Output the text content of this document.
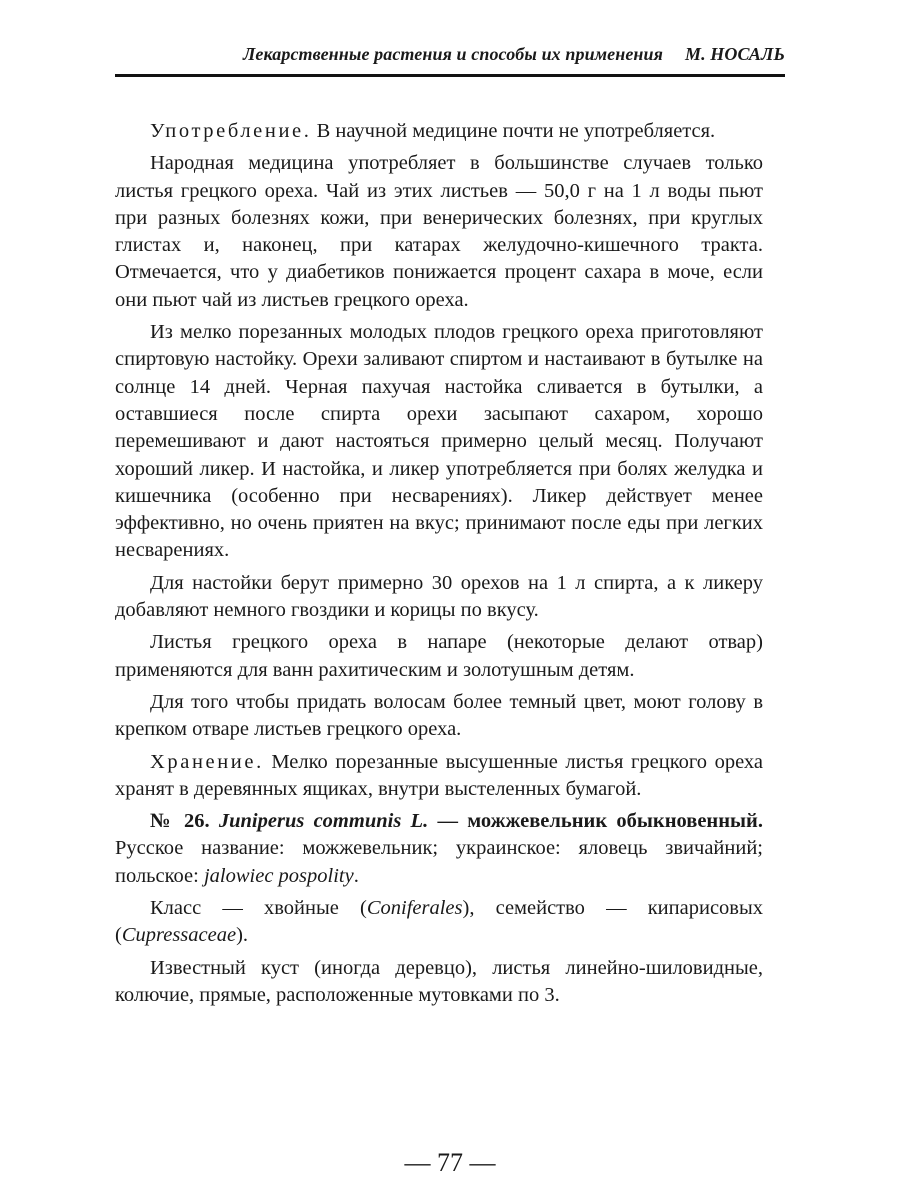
Лекарственные растения и способы их применения М. НОСАЛЬ

Употребление. В научной медицине почти не употребляется.

Народная медицина употребляет в большинстве случаев только листья грецкого ореха. Чай из этих листьев — 50,0 г на 1 л воды пьют при разных болезнях кожи, при венерических болезнях, при круглых глистах и, наконец, при катарах желудочно-кишечного тракта. Отмечается, что у диабетиков понижается процент сахара в моче, если они пьют чай из листьев грецкого ореха.

Из мелко порезанных молодых плодов грецкого ореха приготовляют спиртовую настойку. Орехи заливают спиртом и настаивают в бутылке на солнце 14 дней. Черная пахучая настойка сливается в бутылки, а оставшиеся после спирта орехи засыпают сахаром, хорошо перемешивают и дают настояться примерно целый месяц. Получают хороший ликер. И настойка, и ликер употребляется при болях желудка и кишечника (особенно при несварениях). Ликер действует менее эффективно, но очень приятен на вкус; принимают после еды при легких несварениях.

Для настойки берут примерно 30 орехов на 1 л спирта, а к ликеру добавляют немного гвоздики и корицы по вкусу.

Листья грецкого ореха в напаре (некоторые делают отвар) применяются для ванн рахитическим и золотушным детям.

Для того чтобы придать волосам более темный цвет, моют голову в крепком отваре листьев грецкого ореха.

Хранение. Мелко порезанные высушенные листья грецкого ореха хранят в деревянных ящиках, внутри выстеленных бумагой.

№ 26. Juniperus communis L. — можжевельник обыкновенный. Русское название: можжевельник; украинское: яловець звичайний; польское: jalowiec pospolity.

Класс — хвойные (Coniferales), семейство — кипарисовых (Cupressaceae).

Известный куст (иногда деревцо), листья линейно-шиловидные, колючие, прямые, расположенные мутовками по 3.

— 77 —
